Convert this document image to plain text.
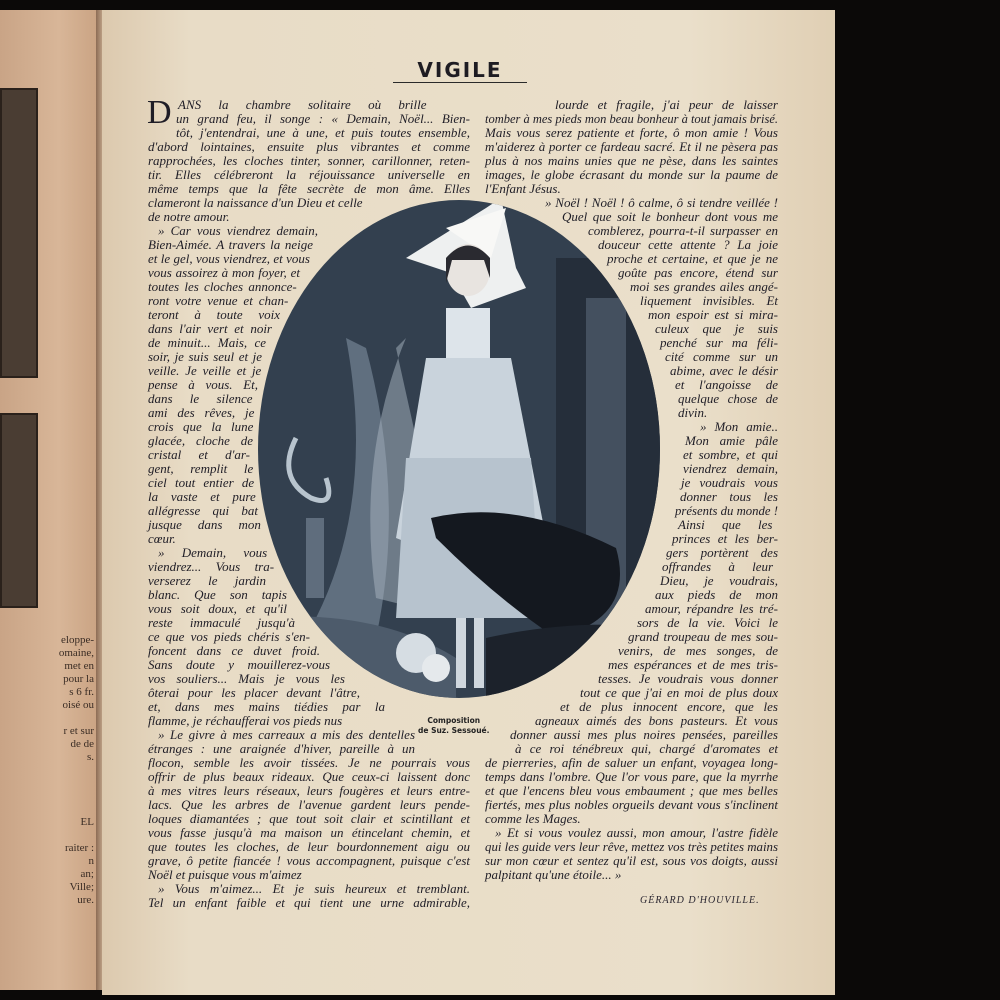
eloppe-
omaine,
met en
pour la
s 6 fr.
oisé ou
r et sur
de de
s.
EL
raiter :
n
an;
Ville;
ure.
VIGILE
D ANS la chambre solitaire où brille
un grand feu, il songe : « Demain, Noël... Bien-
tôt, j'entendrai, une à une, et puis toutes ensemble,
d'abord lointaines, ensuite plus vibrantes et comme
rapprochées, les cloches tinter, sonner, carillonner, reten-
tir. Elles célébreront la réjouissance universelle en
même temps que la fête secrète de mon âme. Elles
clameront la naissance d'un Dieu et celle
de notre amour.
» Car vous viendrez demain,
Bien-Aimée. A travers la neige
et le gel, vous viendrez, et vous
vous assoirez à mon foyer, et
toutes les cloches annonce-
ront votre venue et chan-
teront à toute voix
dans l'air vert et noir
de minuit... Mais, ce
soir, je suis seul et je
veille. Je veille et je
pense à vous. Et,
dans le silence
ami des rêves, je
crois que la lune
glacée, cloche de
cristal et d'ar-
gent, remplit le
ciel tout entier de
la vaste et pure
allégresse qui bat
jusque dans mon
cœur.
» Demain, vous
viendrez... Vous tra-
verserez le jardin
blanc. Que son tapis
vous soit doux, et qu'il
reste immaculé jusqu'à
ce que vos pieds chéris s'en-
foncent dans ce duvet froid.
Sans doute y mouillerez-vous
vos souliers... Mais je vous les
ôterai pour les placer devant l'âtre,
et, dans mes mains tiédies par la
flamme, je réchaufferai vos pieds nus
» Le givre à mes carreaux a mis des dentelles
étranges : une araignée d'hiver, pareille à un
flocon, semble les avoir tissées. Je ne pourrais vous
offrir de plus beaux rideaux. Que ceux-ci laissent donc
à mes vitres leurs réseaux, leurs fougères et leurs entre-
lacs. Que les arbres de l'avenue gardent leurs pende-
loques diamantées ; que tout soit clair et scintillant et
vous fasse jusqu'à ma maison un étincelant chemin, et
que toutes les cloches, de leur bourdonnement aigu ou
grave, ô petite fiancée ! vous accompagnent, puisque c'est
Noël et puisque vous m'aimez
» Vous m'aimez... Et je suis heureux et tremblant.
Tel un enfant faible et qui tient une urne admirable,
lourde et fragile, j'ai peur de laisser
tomber à mes pieds mon beau bonheur à tout jamais brisé.
Mais vous serez patiente et forte, ô mon amie ! Vous
m'aiderez à porter ce fardeau sacré. Et il ne pèsera pas
plus à nos mains unies que ne pèse, dans les saintes
images, le globe écrasant du monde sur la paume de
l'Enfant Jésus.
» Noël ! Noël ! ô calme, ô si tendre veillée !
Quel que soit le bonheur dont vous me
comblerez, pourra-t-il surpasser en
douceur cette attente ? La joie
proche et certaine, et que je ne
goûte pas encore, étend sur
moi ses grandes ailes angé-
liquement invisibles. Et
mon espoir est si mira-
culeux que je suis
penché sur ma féli-
cité comme sur un
abime, avec le désir
et l'angoisse de
quelque chose de
divin.
» Mon amie..
Mon amie pâle
et sombre, et qui
viendrez demain,
je voudrais vous
donner tous les
présents du monde !
Ainsi que les
princes et les ber-
gers portèrent des
offrandes à leur
Dieu, je voudrais,
aux pieds de mon
amour, répandre les tré-
sors de la vie. Voici le
grand troupeau de mes sou-
venirs, de mes songes, de
mes espérances et de mes tris-
tesses. Je voudrais vous donner
tout ce que j'ai en moi de plus doux
et de plus innocent encore, que les
agneaux aimés des bons pasteurs. Et vous
donner aussi mes plus noires pensées, pareilles
à ce roi ténébreux qui, chargé d'aromates et
de pierreries, afin de saluer un enfant, voyagea long-
temps dans l'ombre. Que l'or vous pare, que la myrrhe
et que l'encens bleu vous embaument ; que mes belles
fiertés, mes plus nobles orgueils devant vous s'inclinent
comme les Mages.
» Et si vous voulez aussi, mon amour, l'astre fidèle
qui les guide vers leur rêve, mettez vos très petites mains
sur mon cœur et sentez qu'il est, sous vos doigts, aussi
palpitant qu'une étoile... »
Composition
de Suz. Sessoué.
GÉRARD D'HOUVILLE.
